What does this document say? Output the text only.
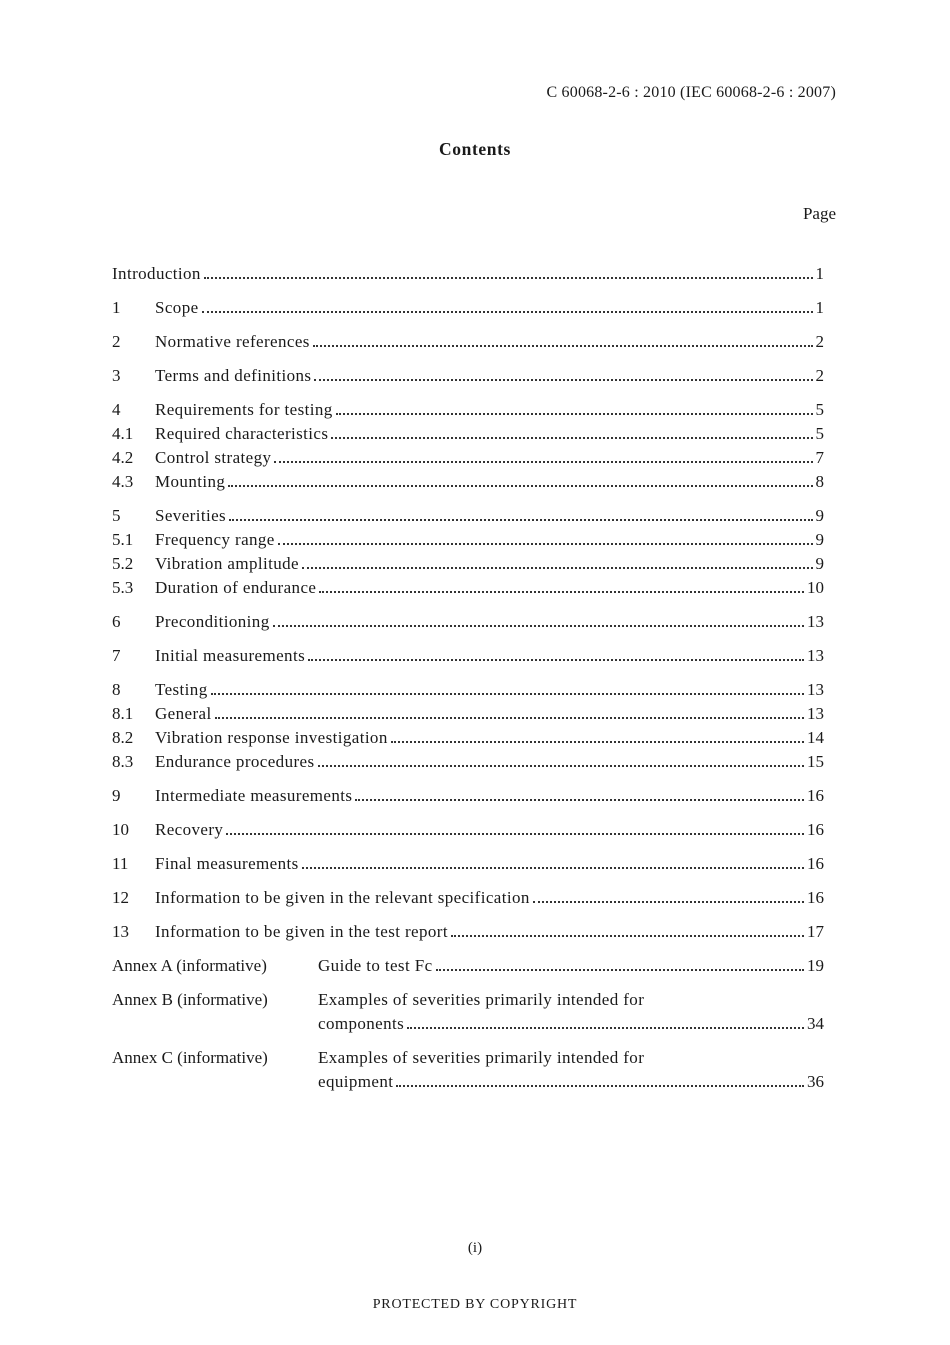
C 60068-2-6 : 2010 (IEC 60068-2-6 : 2007)
Contents
Page
Introduction	1
1	Scope	1
2	Normative references	2
3	Terms and definitions	2
4	Requirements for testing	5
4.1	Required characteristics	5
4.2	Control strategy	7
4.3	Mounting	8
5	Severities	9
5.1	Frequency range	9
5.2	Vibration amplitude	9
5.3	Duration of endurance	10
6	Preconditioning	13
7	Initial measurements	13
8	Testing	13
8.1	General	13
8.2	Vibration response investigation	14
8.3	Endurance procedures	15
9	Intermediate measurements	16
10	Recovery	16
11	Final measurements	16
12	Information to be given in the relevant specification	16
13	Information to be given in the test report	17
Annex A (informative)	Guide to test Fc	19
Annex B (informative)	Examples of severities primarily intended for
components	34
Annex C (informative)	Examples of severities primarily intended for
equipment	36
(i)
PROTECTED BY COPYRIGHT
